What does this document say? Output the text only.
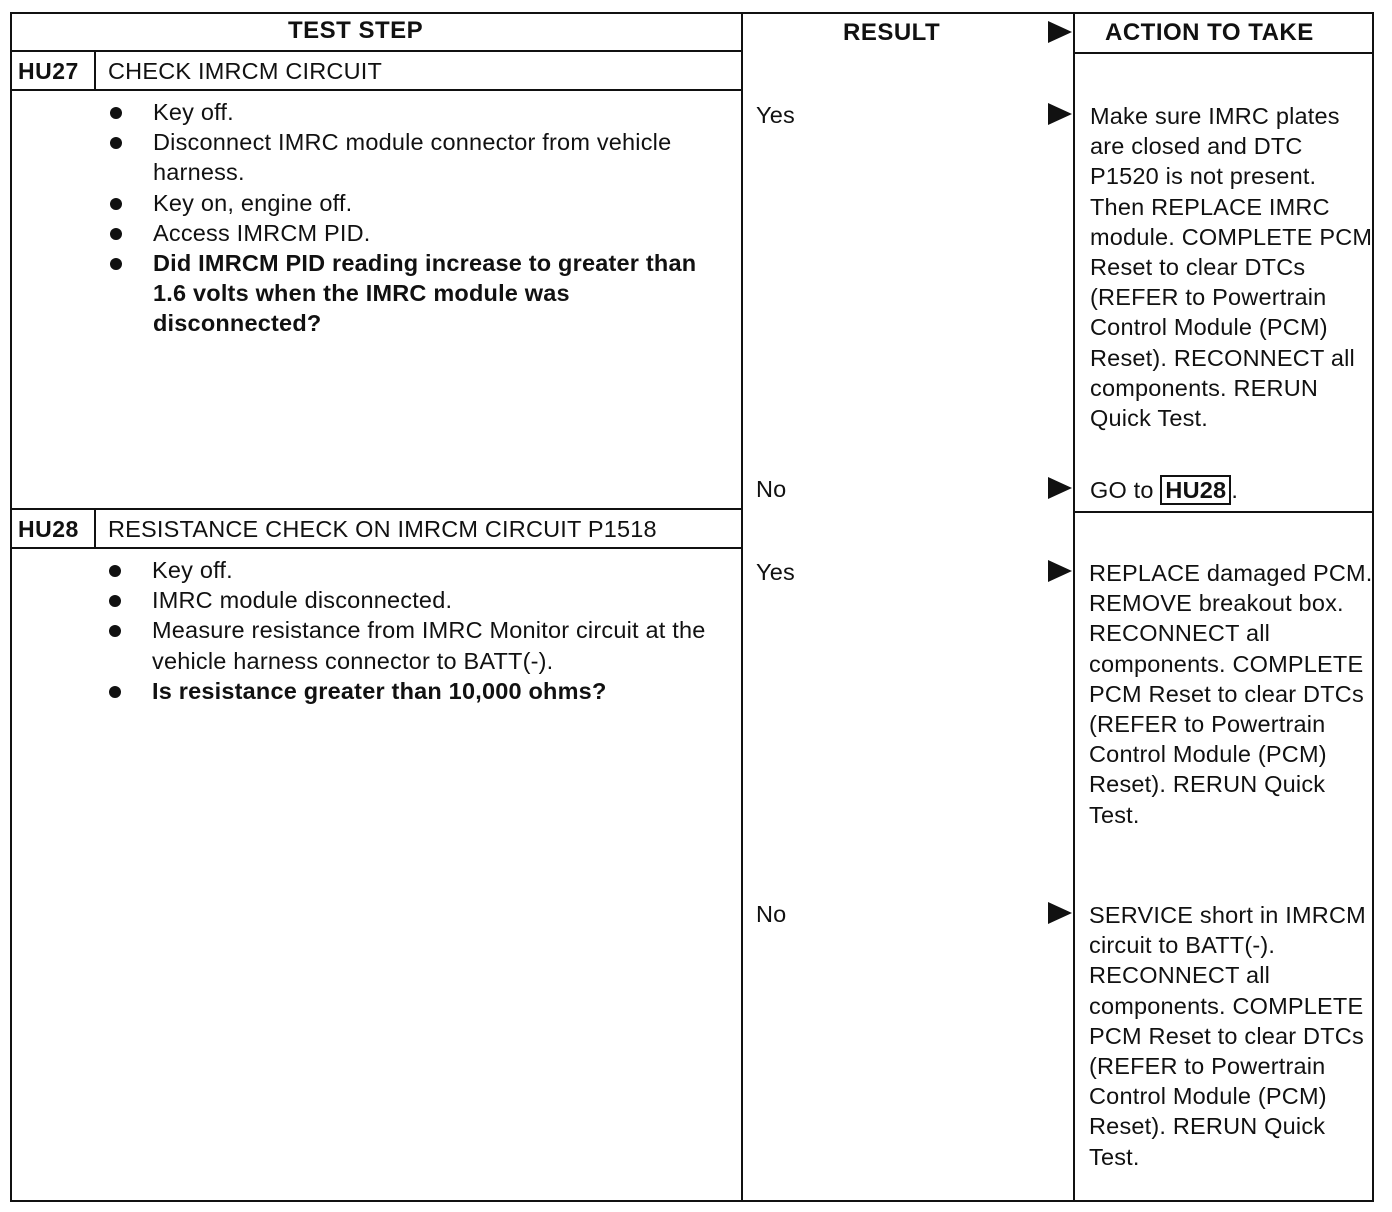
TEST STEP	RESULT	ACTION TO TAKE
HU27 CHECK IMRCM CIRCUIT
Key off.
Disconnect IMRC module connector from vehicle harness.
Key on, engine off.
Access IMRCM PID.
Did IMRCM PID reading increase to greater than 1.6 volts when the IMRC module was disconnected?
Yes	Make sure IMRC plates are closed and DTC P1520 is not present. Then REPLACE IMRC module. COMPLETE PCM Reset to clear DTCs (REFER to Powertrain Control Module (PCM) Reset). RECONNECT all components. RERUN Quick Test.
No	GO to HU28 .
HU28 RESISTANCE CHECK ON IMRCM CIRCUIT P1518
Key off.
IMRC module disconnected.
Measure resistance from IMRC Monitor circuit at the vehicle harness connector to BATT(-).
Is resistance greater than 10,000 ohms?
Yes	REPLACE damaged PCM. REMOVE breakout box. RECONNECT all components. COMPLETE PCM Reset to clear DTCs (REFER to Powertrain Control Module (PCM) Reset). RERUN Quick Test.
No	SERVICE short in IMRCM circuit to BATT(-). RECONNECT all components. COMPLETE PCM Reset to clear DTCs (REFER to Powertrain Control Module (PCM) Reset). RERUN Quick Test.
